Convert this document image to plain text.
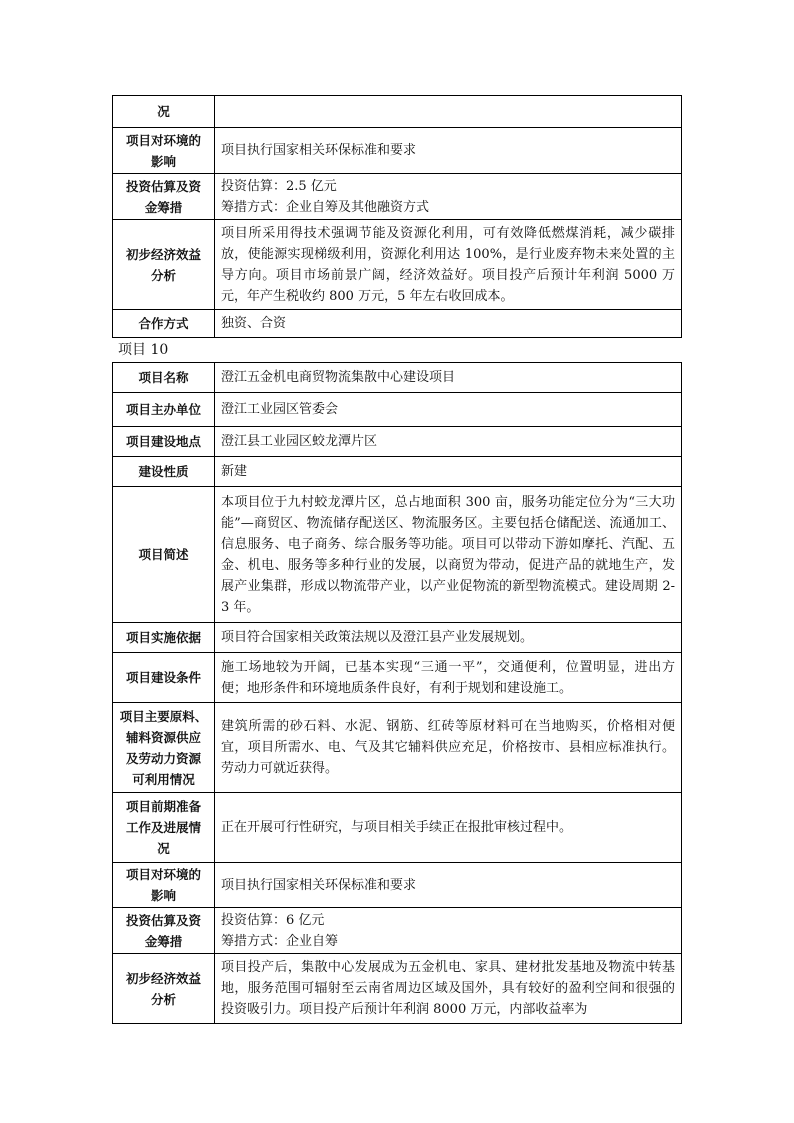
况	
项目对环境的
影响	项目执行国家相关环保标准和要求
投资估算及资
金筹措	投资估算：2.5 亿元
筹措方式：企业自筹及其他融资方式
初步经济效益
分析	项目所采用得技术强调节能及资源化利用，可有效降低燃煤消耗，减少碳排放，使能源实现梯级利用，资源化利用达 100%，是行业废弃物未来处置的主导方向。项目市场前景广阔，经济效益好。项目投产后预计年利润 5000 万元，年产生税收约 800 万元，5 年左右收回成本。
合作方式	独资、合资
项目 10
项目名称	澄江五金机电商贸物流集散中心建设项目
项目主办单位	澄江工业园区管委会
项目建设地点	澄江县工业园区蛟龙潭片区
建设性质	新建
项目简述	本项目位于九村蛟龙潭片区，总占地面积 300 亩，服务功能定位分为“三大功能”—商贸区、物流储存配送区、物流服务区。主要包括仓储配送、流通加工、信息服务、电子商务、综合服务等功能。项目可以带动下游如摩托、汽配、五金、机电、服务等多种行业的发展，以商贸为带动，促进产品的就地生产，发展产业集群，形成以物流带产业，以产业促物流的新型物流模式。建设周期 2-3 年。
项目实施依据	项目符合国家相关政策法规以及澄江县产业发展规划。
项目建设条件	施工场地较为开阔，已基本实现“三通一平”，交通便利，位置明显，进出方便；地形条件和环境地质条件良好，有利于规划和建设施工。
项目主要原料、
辅料资源供应
及劳动力资源
可利用情况	建筑所需的砂石料、水泥、钢筋、红砖等原材料可在当地购买，价格相对便宜，项目所需水、电、气及其它辅料供应充足，价格按市、县相应标准执行。劳动力可就近获得。
项目前期准备
工作及进展情
况	正在开展可行性研究，与项目相关手续正在报批审核过程中。
项目对环境的
影响	项目执行国家相关环保标准和要求
投资估算及资
金筹措	投资估算：6 亿元
筹措方式：企业自筹
初步经济效益
分析	项目投产后，集散中心发展成为五金机电、家具、建材批发基地及物流中转基地，服务范围可辐射至云南省周边区域及国外，具有较好的盈利空间和很强的投资吸引力。项目投产后预计年利润 8000 万元，内部收益率为
